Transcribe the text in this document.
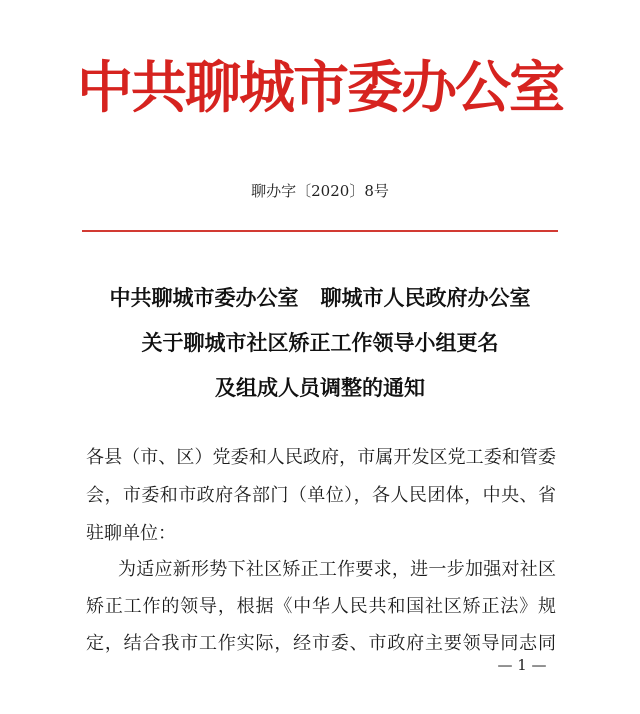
中共聊城市委办公室
聊办字〔2020〕8号
中共聊城市委办公室 聊城市人民政府办公室
关于聊城市社区矫正工作领导小组更名
及组成人员调整的通知
各县（市、区）党委和人民政府，市属开发区党工委和管委
会，市委和市政府各部门（单位），各人民团体，中央、省
驻聊单位：
为适应新形势下社区矫正工作要求，进一步加强对社区
矫正工作的领导，根据《中华人民共和国社区矫正法》规
定，结合我市工作实际，经市委、市政府主要领导同志同
— 1 —
